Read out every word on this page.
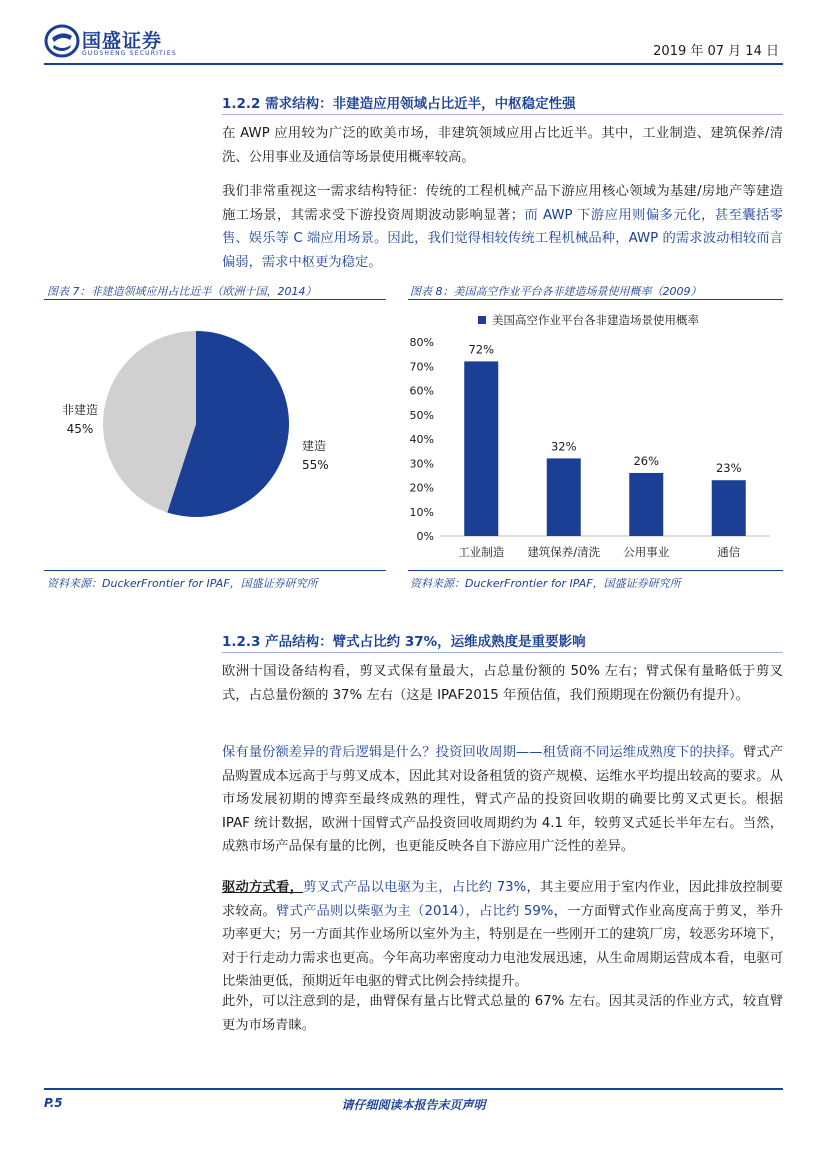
国盛证券
GUOSHENG SECURITIES	2019 年 07 月 14 日
1.2.2 需求结构：非建造应用领域占比近半，中枢稳定性强
在 AWP 应用较为广泛的欧美市场，非建筑领域应用占比近半。其中，工业制造、建筑保养/清洗、公用事业及通信等场景使用概率较高。
我们非常重视这一需求结构特征：传统的工程机械产品下游应用核心领域为基建/房地产等建造施工场景，其需求受下游投资周期波动影响显著；而 AWP 下游应用则偏多元化，甚至囊括零售、娱乐等 C 端应用场景。因此，我们觉得相较传统工程机械品种，AWP 的需求波动相较而言偏弱，需求中枢更为稳定。
图表 7：非建造领域应用占比近半（欧洲十国，2014）
建造
55%
非建造
45%
资料来源：DuckerFrontier for IPAF，国盛证券研究所
图表 8：美国高空作业平台各非建造场景使用概率（2009）
美国高空作业平台各非建造场景使用概率
0%
10%
20%
30%
40%
50%
60%
70%
80%	72%
工业制造
32%
建筑保养/清洗
26%
公用事业
23%
通信
资料来源：DuckerFrontier for IPAF，国盛证券研究所
1.2.3 产品结构：臂式占比约 37%，运维成熟度是重要影响
欧洲十国设备结构看，剪叉式保有量最大，占总量份额的 50% 左右；臂式保有量略低于剪叉式，占总量份额的 37% 左右（这是 IPAF2015 年预估值，我们预期现在份额仍有提升）。
保有量份额差异的背后逻辑是什么？投资回收周期——租赁商不同运维成熟度下的抉择。臂式产品购置成本远高于与剪叉成本，因此其对设备租赁的资产规模、运维水平均提出较高的要求。从市场发展初期的博弈至最终成熟的理性，臂式产品的投资回收期的确要比剪叉式更长。根据 IPAF 统计数据，欧洲十国臂式产品投资回收周期约为 4.1 年，较剪叉式延长半年左右。当然，成熟市场产品保有量的比例，也更能反映各自下游应用广泛性的差异。
驱动方式看，剪叉式产品以电驱为主，占比约 73%，其主要应用于室内作业，因此排放控制要求较高。臂式产品则以柴驱为主（2014），占比约 59%，一方面臂式作业高度高于剪叉，举升功率更大；另一方面其作业场所以室外为主，特别是在一些刚开工的建筑厂房，较恶劣环境下，对于行走动力需求也更高。今年高功率密度动力电池发展迅速，从生命周期运营成本看，电驱可比柴油更低，预期近年电驱的臂式比例会持续提升。
此外，可以注意到的是，曲臂保有量占比臂式总量的 67% 左右。因其灵活的作业方式，较直臂更为市场青睐。
P.5	请仔细阅读本报告末页声明
